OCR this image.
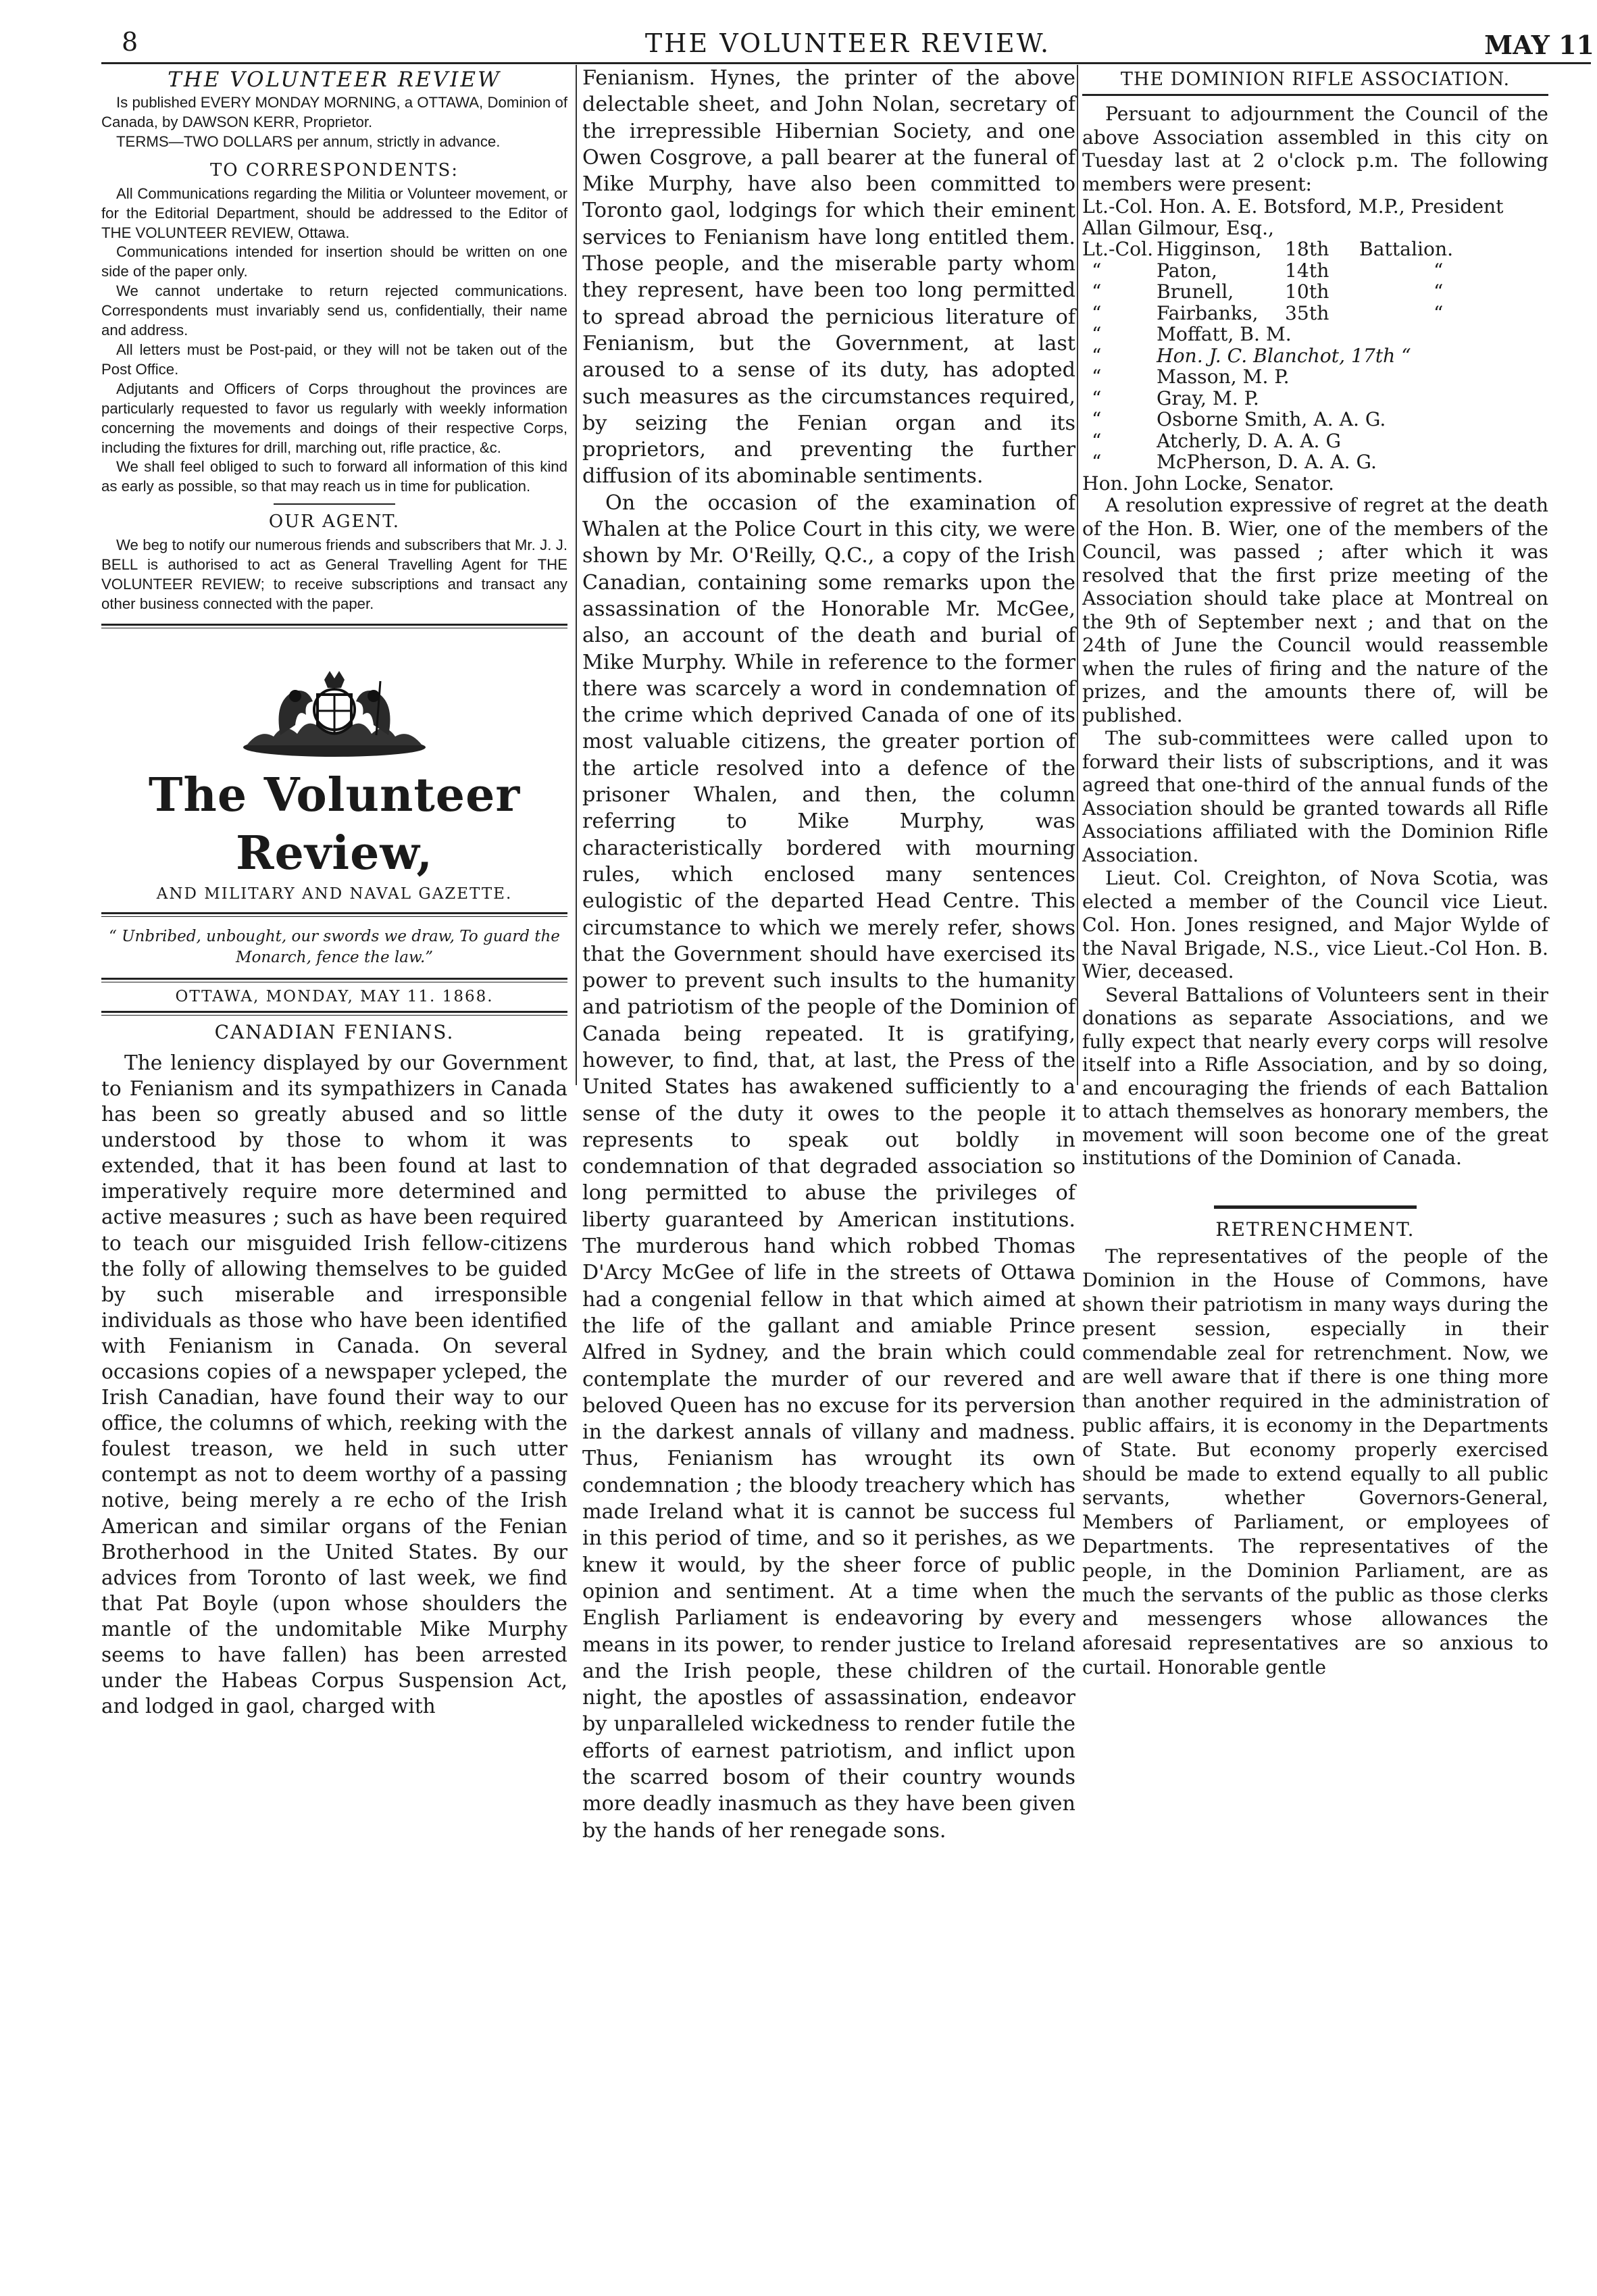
8	THE VOLUNTEER REVIEW.	MAY 11
THE VOLUNTEER REVIEW

Is published EVERY MONDAY MORNING, a OTTAWA, Dominion of Canada, by DAWSON KERR, Proprietor.

TERMS—TWO DOLLARS per annum, strictly in advance.

TO CORRESPONDENTS:

All Communications regarding the Militia or Volunteer movement, or for the Editorial Department, should be addressed to the Editor of THE VOLUNTEER REVIEW, Ottawa.

Communications intended for insertion should be written on one side of the paper only.

We cannot undertake to return rejected communications. Correspondents must invariably send us, confidentially, their name and address.

All letters must be Post-paid, or they will not be taken out of the Post Office.

Adjutants and Officers of Corps throughout the provinces are particularly requested to favor us regularly with weekly information concerning the movements and doings of their respective Corps, including the fixtures for drill, marching out, rifle practice, &c.

We shall feel obliged to such to forward all information of this kind as early as possible, so that may reach us in time for publication.

OUR AGENT.

We beg to notify our numerous friends and subscribers that Mr. J. J. BELL is authorised to act as General Travelling Agent for THE VOLUNTEER REVIEW; to receive subscriptions and transact any other business connected with the paper.

The Volunteer Review,
AND MILITARY AND NAVAL GAZETTE.
“ Unbribed, unbought, our swords we draw, To guard the Monarch, fence the law.”
OTTAWA, MONDAY, MAY 11. 1868.
CANADIAN FENIANS.

The leniency displayed by our Government to Fenianism and its sympathizers in Canada has been so greatly abused and so little understood by those to whom it was extended, that it has been found at last to imperatively require more determined and active measures ; such as have been required to teach our misguided Irish fellow-citizens the folly of allowing themselves to be guided by such miserable and irresponsible individuals as those who have been identified with Fenianism in Canada. On several occasions copies of a newspaper ycleped, the Irish Canadian, have found their way to our office, the columns of which, reeking with the foulest treason, we held in such utter contempt as not to deem worthy of a passing notive, being merely a re echo of the Irish American and similar organs of the Fenian Brotherhood in the United States. By our advices from Toronto of last week, we find that Pat Boyle (upon whose shoulders the mantle of the undomitable Mike Murphy seems to have fallen) has been arrested under the Habeas Corpus Suspension Act, and lodged in gaol, charged with

Fenianism. Hynes, the printer of the above delectable sheet, and John Nolan, secretary of the irrepressible Hibernian Society, and one Owen Cosgrove, a pall bearer at the funeral of Mike Murphy, have also been committed to Toronto gaol, lodgings for which their eminent services to Fenianism have long entitled them. Those people, and the miserable party whom they represent, have been too long permitted to spread abroad the pernicious literature of Fenianism, but the Government, at last aroused to a sense of its duty, has adopted such measures as the circumstances required, by seizing the Fenian organ and its proprietors, and preventing the further diffusion of its abominable sentiments.

On the occasion of the examination of Whalen at the Police Court in this city, we were shown by Mr. O'Reilly, Q.C., a copy of the Irish Canadian, containing some remarks upon the assassination of the Honorable Mr. McGee, also, an account of the death and burial of Mike Murphy. While in reference to the former there was scarcely a word in condemnation of the crime which deprived Canada of one of its most valuable citizens, the greater portion of the article resolved into a defence of the prisoner Whalen, and then, the column referring to Mike Murphy, was characteristically bordered with mourning rules, which enclosed many sentences eulogistic of the departed Head Centre. This circumstance to which we merely refer, shows that the Government should have exercised its power to prevent such insults to the humanity and patriotism of the people of the Dominion of Canada being repeated. It is gratifying, however, to find, that, at last, the Press of the United States has awakened sufficiently to a sense of the duty it owes to the people it represents to speak out boldly in condemnation of that degraded association so long permitted to abuse the privileges of liberty guaranteed by American institutions. The murderous hand which robbed Thomas D'Arcy McGee of life in the streets of Ottawa had a congenial fellow in that which aimed at the life of the gallant and amiable Prince Alfred in Sydney, and the brain which could contemplate the murder of our revered and beloved Queen has no excuse for its perversion in the darkest annals of villany and madness. Thus, Fenianism has wrought its own condemnation ; the bloody treachery which has made Ireland what it is cannot be success ful in this period of time, and so it perishes, as we knew it would, by the sheer force of public opinion and sentiment. At a time when the English Parliament is endeavoring by every means in its power, to render justice to Ireland and the Irish people, these children of the night, the apostles of assassination, endeavor by unparalleled wickedness to render futile the efforts of earnest patriotism, and inflict upon the scarred bosom of their country wounds more deadly inasmuch as they have been given by the hands of her renegade sons.

THE DOMINION RIFLE ASSOCIATION.

Persuant to adjournment the Council of the above Association assembled in this city on Tuesday last at 2 o'clock p.m. The following members were present:

Lt.-Col. Hon. A. E. Botsford, M.P., President
Allan Gilmour, Esq.,
Lt.-Col. Higginson,	18th	Battalion.
“	Paton,	14th	“
“	Brunell,	10th	“
“	Fairbanks,	35th	“
“	Moffatt, B. M.
“	Hon. J. C. Blanchot, 17th “
“	Masson, M. P.
“	Gray, M. P.
“	Osborne Smith, A. A. G.
“	Atcherly, D. A. A. G
“	McPherson, D. A. A. G.
Hon. John Locke, Senator.

A resolution expressive of regret at the death of the Hon. B. Wier, one of the members of the Council, was passed ; after which it was resolved that the first prize meeting of the Association should take place at Montreal on the 9th of September next ; and that on the 24th of June the Council would reassemble when the rules of firing and the nature of the prizes, and the amounts there of, will be published.

The sub-committees were called upon to forward their lists of subscriptions, and it was agreed that one-third of the annual funds of the Association should be granted towards all Rifle Associations affiliated with the Dominion Rifle Association.

Lieut. Col. Creighton, of Nova Scotia, was elected a member of the Council vice Lieut. Col. Hon. Jones resigned, and Major Wylde of the Naval Brigade, N.S., vice Lieut.-Col Hon. B. Wier, deceased.

Several Battalions of Volunteers sent in their donations as separate Associations, and we fully expect that nearly every corps will resolve itself into a Rifle Association, and by so doing, and encouraging the friends of each Battalion to attach themselves as honorary members, the movement will soon become one of the great institutions of the Dominion of Canada.

RETRENCHMENT.

The representatives of the people of the Dominion in the House of Commons, have shown their patriotism in many ways during the present session, especially in their commendable zeal for retrenchment. Now, we are well aware that if there is one thing more than another required in the administration of public affairs, it is economy in the Departments of State. But economy properly exercised should be made to extend equally to all public servants, whether Governors-General, Members of Parliament, or employees of Departments. The representatives of the people, in the Dominion Parliament, are as much the servants of the public as those clerks and messengers whose allowances the aforesaid representatives are so anxious to curtail. Honorable gentle
